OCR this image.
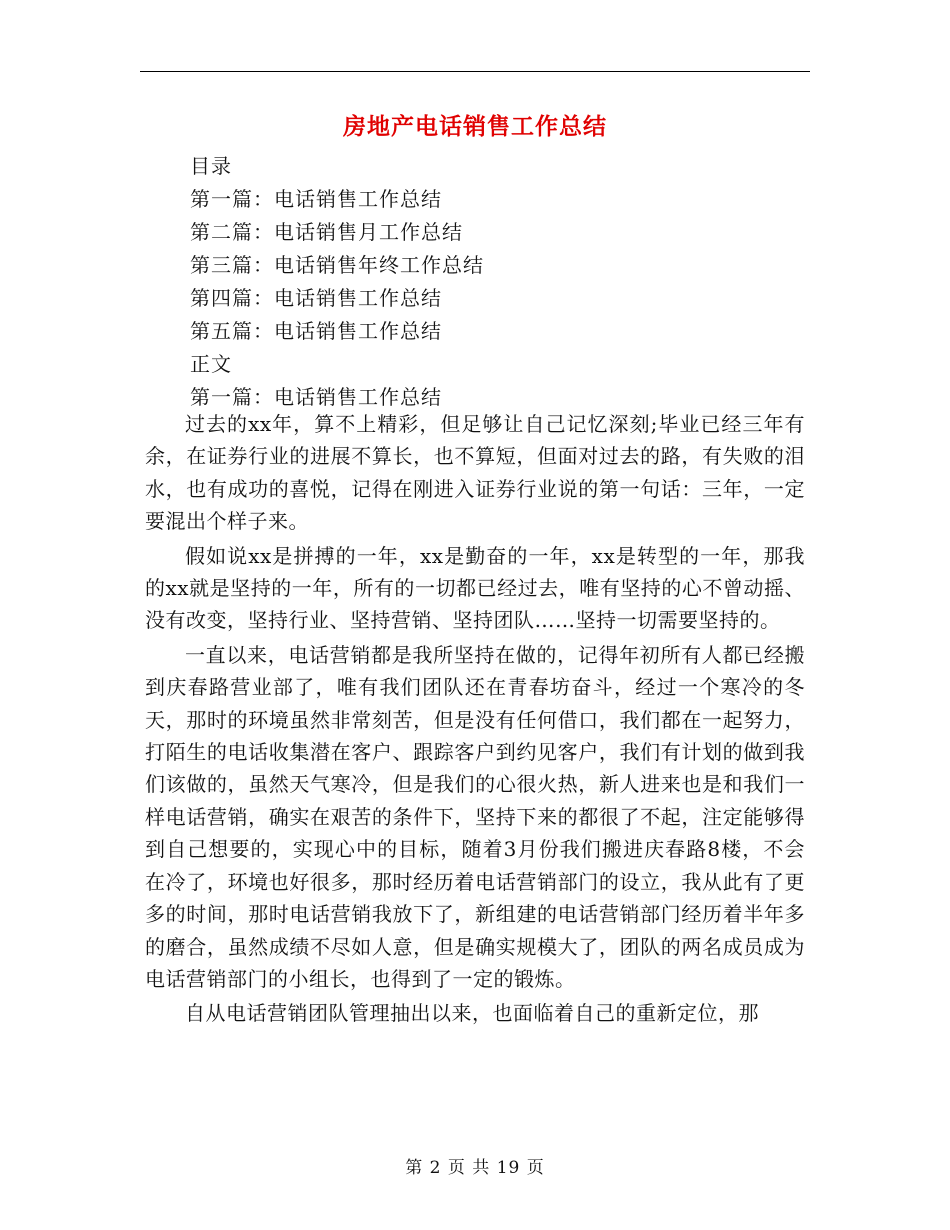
房地产电话销售工作总结
目录
第一篇：电话销售工作总结
第二篇：电话销售月工作总结
第三篇：电话销售年终工作总结
第四篇：电话销售工作总结
第五篇：电话销售工作总结
正文
第一篇：电话销售工作总结

过去的xx年，算不上精彩，但足够让自己记忆深刻;毕业已经三年有余，在证券行业的进展不算长，也不算短，但面对过去的路，有失败的泪水，也有成功的喜悦，记得在刚进入证券行业说的第一句话：三年，一定要混出个样子来。

假如说xx是拼搏的一年，xx是勤奋的一年，xx是转型的一年，那我的xx就是坚持的一年，所有的一切都已经过去，唯有坚持的心不曾动摇、没有改变，坚持行业、坚持营销、坚持团队……坚持一切需要坚持的。

一直以来，电话营销都是我所坚持在做的，记得年初所有人都已经搬到庆春路营业部了，唯有我们团队还在青春坊奋斗，经过一个寒冷的冬天，那时的环境虽然非常刻苦，但是没有任何借口，我们都在一起努力，打陌生的电话收集潜在客户、跟踪客户到约见客户，我们有计划的做到我们该做的，虽然天气寒冷，但是我们的心很火热，新人进来也是和我们一样电话营销，确实在艰苦的条件下，坚持下来的都很了不起，注定能够得到自己想要的，实现心中的目标，随着3月份我们搬进庆春路8楼，不会在冷了，环境也好很多，那时经历着电话营销部门的设立，我从此有了更多的时间，那时电话营销我放下了，新组建的电话营销部门经历着半年多的磨合，虽然成绩不尽如人意，但是确实规模大了，团队的两名成员成为电话营销部门的小组长，也得到了一定的锻炼。

自从电话营销团队管理抽出以来，也面临着自己的重新定位，那

第 2 页 共 19 页
